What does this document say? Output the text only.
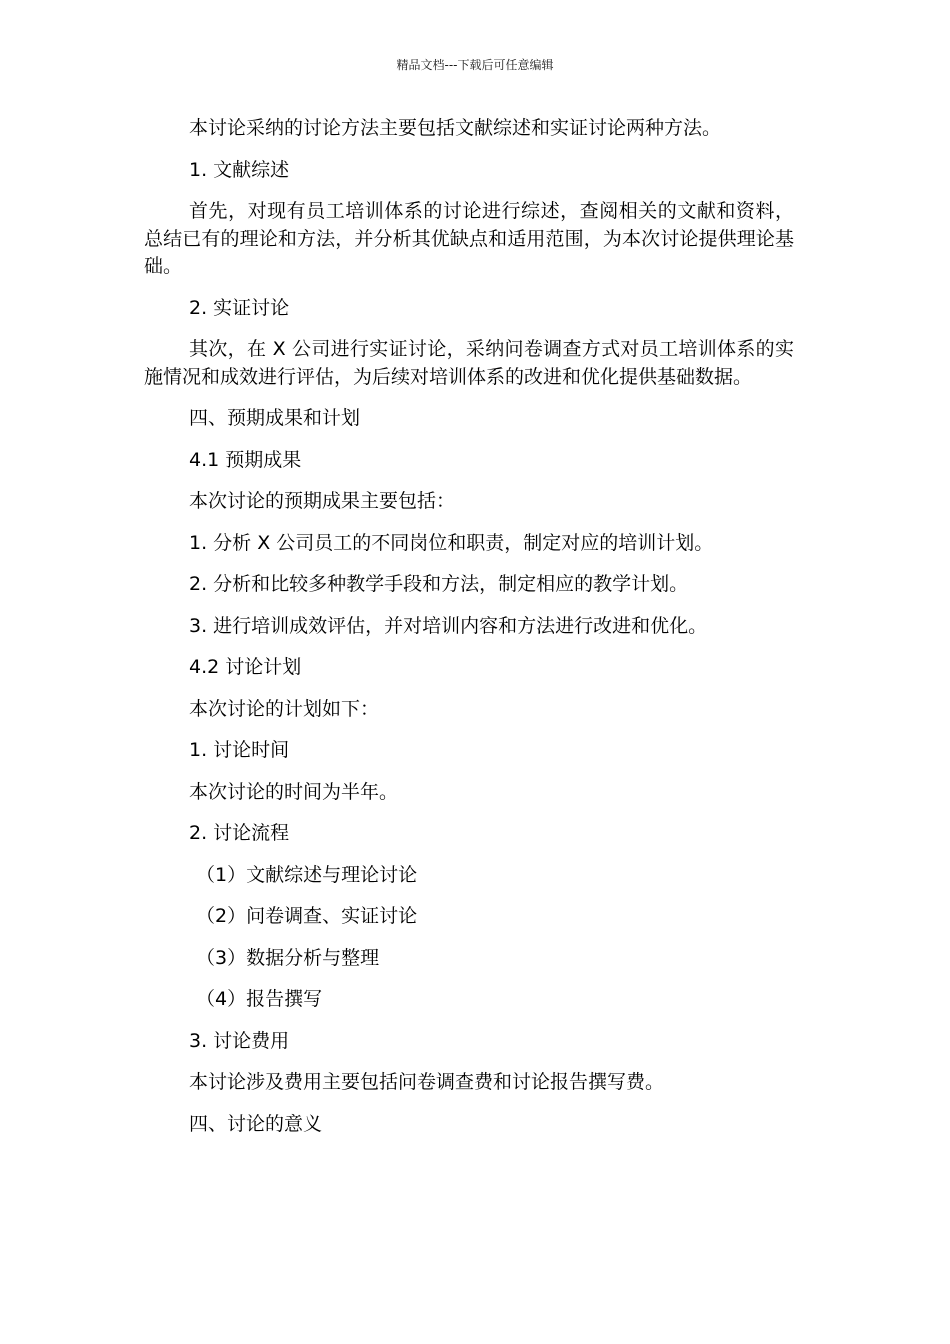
精品文档---下载后可任意编辑

本讨论采纳的讨论方法主要包括文献综述和实证讨论两种方法。

1. 文献综述

首先，对现有员工培训体系的讨论进行综述，查阅相关的文献和资料，总结已有的理论和方法，并分析其优缺点和适用范围，为本次讨论提供理论基础。

2. 实证讨论

其次，在 X 公司进行实证讨论，采纳问卷调查方式对员工培训体系的实施情况和成效进行评估，为后续对培训体系的改进和优化提供基础数据。

四、预期成果和计划

4.1 预期成果

本次讨论的预期成果主要包括：

1. 分析 X 公司员工的不同岗位和职责，制定对应的培训计划。

2. 分析和比较多种教学手段和方法，制定相应的教学计划。

3. 进行培训成效评估，并对培训内容和方法进行改进和优化。

4.2 讨论计划

本次讨论的计划如下：

1. 讨论时间

本次讨论的时间为半年。

2. 讨论流程

（1）文献综述与理论讨论

（2）问卷调查、实证讨论

（3）数据分析与整理

（4）报告撰写

3. 讨论费用

本讨论涉及费用主要包括问卷调查费和讨论报告撰写费。

四、讨论的意义
